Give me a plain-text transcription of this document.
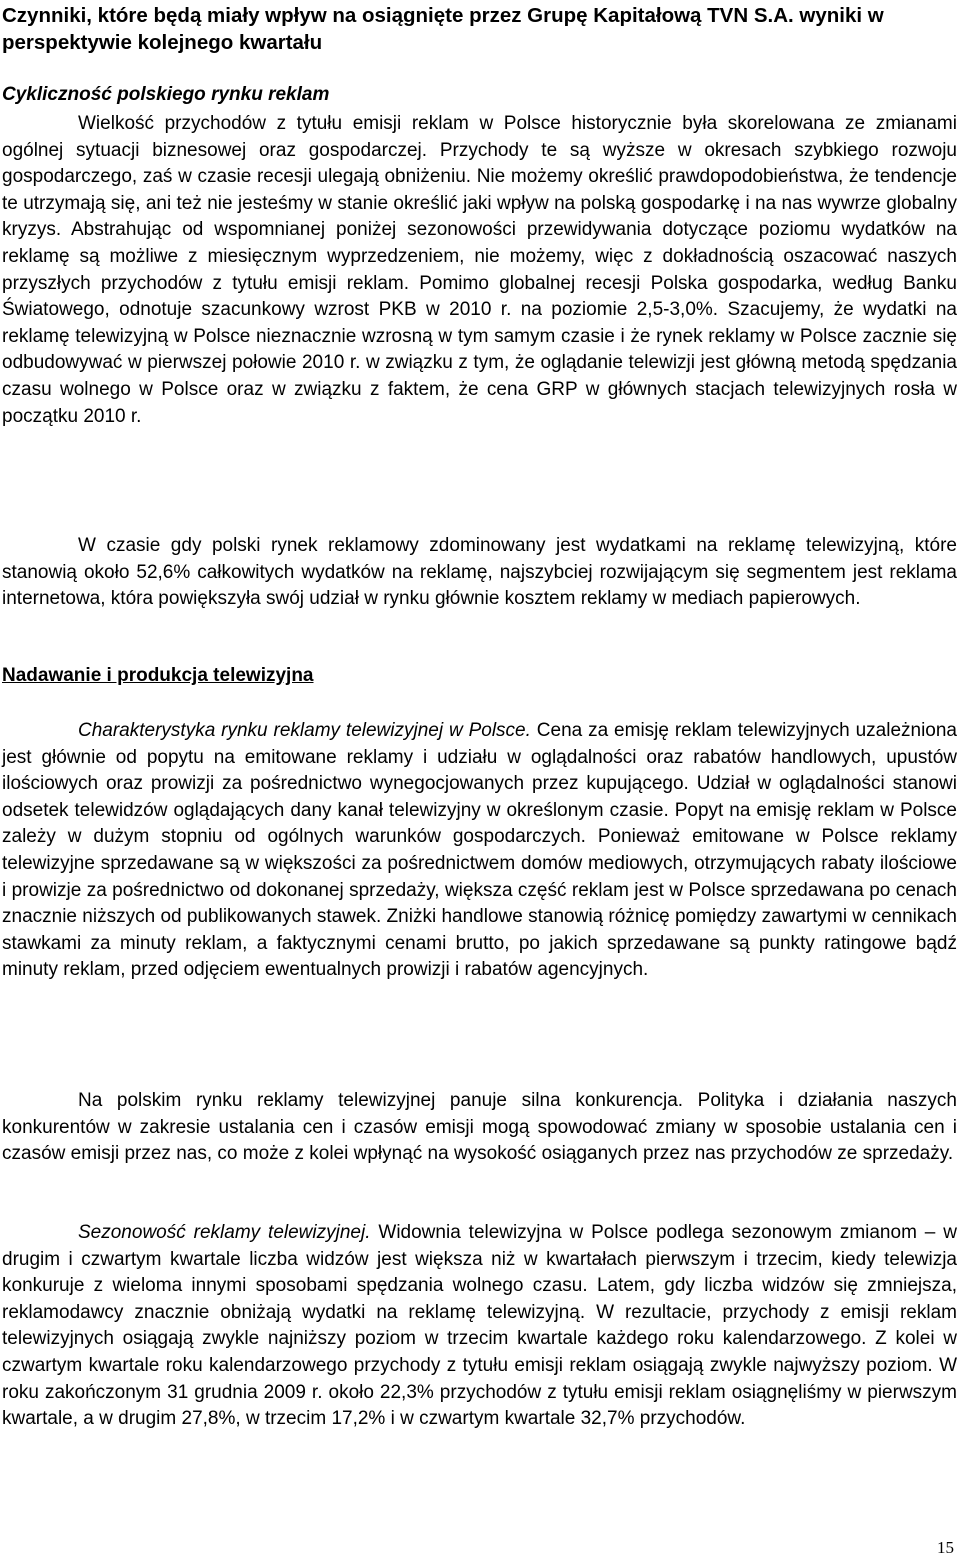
Czynniki, które będą miały wpływ na osiągnięte przez Grupę Kapitałową TVN S.A. wyniki w perspektywie kolejnego kwartału
Cykliczność polskiego rynku reklam

Wielkość przychodów z tytułu emisji reklam w Polsce historycznie była skorelowana ze zmianami ogólnej sytuacji biznesowej oraz gospodarczej. Przychody te są wyższe w okresach szybkiego rozwoju gospodarczego, zaś w czasie recesji ulegają obniżeniu. Nie możemy określić prawdopodobieństwa, że tendencje te utrzymają się, ani też nie jesteśmy w stanie określić jaki wpływ na polską gospodarkę i na nas wywrze globalny kryzys. Abstrahując od wspomnianej poniżej sezonowości przewidywania dotyczące poziomu wydatków na reklamę są możliwe z miesięcznym wyprzedzeniem, nie możemy, więc z dokładnością oszacować naszych przyszłych przychodów z tytułu emisji reklam. Pomimo globalnej recesji Polska gospodarka, według Banku Światowego, odnotuje szacunkowy wzrost PKB w 2010 r. na poziomie 2,5-3,0%. Szacujemy, że wydatki na reklamę telewizyjną w Polsce nieznacznie wzrosną w tym samym czasie i że rynek reklamy w Polsce zacznie się odbudowywać w pierwszej połowie 2010 r. w związku z tym, że oglądanie telewizji jest główną metodą spędzania czasu wolnego w Polsce oraz w związku z faktem, że cena GRP w głównych stacjach telewizyjnych rosła w początku 2010 r.

W czasie gdy polski rynek reklamowy zdominowany jest wydatkami na reklamę telewizyjną, które stanowią około 52,6% całkowitych wydatków na reklamę, najszybciej rozwijającym się segmentem jest reklama internetowa, która powiększyła swój udział w rynku głównie kosztem reklamy w mediach papierowych.

Nadawanie i produkcja telewizyjna

Charakterystyka rynku reklamy telewizyjnej w Polsce. Cena za emisję reklam telewizyjnych uzależniona jest głównie od popytu na emitowane reklamy i udziału w oglądalności oraz rabatów handlowych, upustów ilościowych oraz prowizji za pośrednictwo wynegocjowanych przez kupującego. Udział w oglądalności stanowi odsetek telewidzów oglądających dany kanał telewizyjny w określonym czasie. Popyt na emisję reklam w Polsce zależy w dużym stopniu od ogólnych warunków gospodarczych. Ponieważ emitowane w Polsce reklamy telewizyjne sprzedawane są w większości za pośrednictwem domów mediowych, otrzymujących rabaty ilościowe i prowizje za pośrednictwo od dokonanej sprzedaży, większa część reklam jest w Polsce sprzedawana po cenach znacznie niższych od publikowanych stawek. Zniżki handlowe stanowią różnicę pomiędzy zawartymi w cennikach stawkami za minuty reklam, a faktycznymi cenami brutto, po jakich sprzedawane są punkty ratingowe bądź minuty reklam, przed odjęciem ewentualnych prowizji i rabatów agencyjnych.

Na polskim rynku reklamy telewizyjnej panuje silna konkurencja. Polityka i działania naszych konkurentów w zakresie ustalania cen i czasów emisji mogą spowodować zmiany w sposobie ustalania cen i czasów emisji przez nas, co może z kolei wpłynąć na wysokość osiąganych przez nas przychodów ze sprzedaży.

Sezonowość reklamy telewizyjnej. Widownia telewizyjna w Polsce podlega sezonowym zmianom – w drugim i czwartym kwartale liczba widzów jest większa niż w kwartałach pierwszym i trzecim, kiedy telewizja konkuruje z wieloma innymi sposobami spędzania wolnego czasu. Latem, gdy liczba widzów się zmniejsza, reklamodawcy znacznie obniżają wydatki na reklamę telewizyjną. W rezultacie, przychody z emisji reklam telewizyjnych osiągają zwykle najniższy poziom w trzecim kwartale każdego roku kalendarzowego. Z kolei w czwartym kwartale roku kalendarzowego przychody z tytułu emisji reklam osiągają zwykle najwyższy poziom. W roku zakończonym 31 grudnia 2009 r. około 22,3% przychodów z tytułu emisji reklam osiągnęliśmy w pierwszym kwartale, a w drugim 27,8%, w trzecim 17,2% i w czwartym kwartale 32,7% przychodów.

15
